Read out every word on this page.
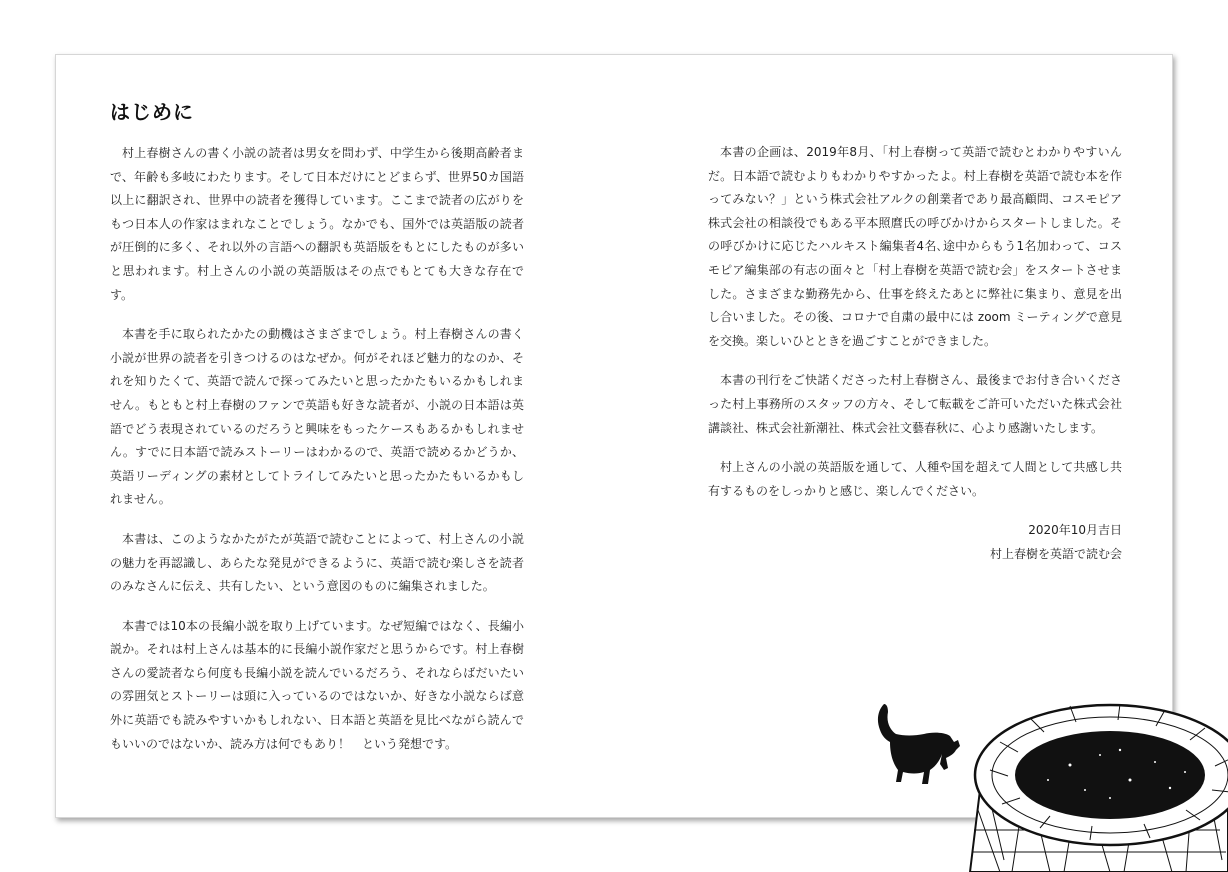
はじめに

村上春樹さんの書く小説の読者は男女を問わず、中学生から後期高齢者まで、年齢も多岐にわたります。そして日本だけにとどまらず、世界50カ国語以上に翻訳され、世界中の読者を獲得しています。ここまで読者の広がりをもつ日本人の作家はまれなことでしょう。なかでも、国外では英語版の読者が圧倒的に多く、それ以外の言語への翻訳も英語版をもとにしたものが多いと思われます。村上さんの小説の英語版はその点でもとても大きな存在です。

本書を手に取られたかたの動機はさまざまでしょう。村上春樹さんの書く小説が世界の読者を引きつけるのはなぜか。何がそれほど魅力的なのか、それを知りたくて、英語で読んで探ってみたいと思ったかたもいるかもしれません。もともと村上春樹のファンで英語も好きな読者が、小説の日本語は英語でどう表現されているのだろうと興味をもったケースもあるかもしれません。すでに日本語で読みストーリーはわかるので、英語で読めるかどうか、英語リーディングの素材としてトライしてみたいと思ったかたもいるかもしれません。

本書は、このようなかたがたが英語で読むことによって、村上さんの小説の魅力を再認識し、あらたな発見ができるように、英語で読む楽しさを読者のみなさんに伝え、共有したい、という意図のものに編集されました。

本書では10本の長編小説を取り上げています。なぜ短編ではなく、長編小説か。それは村上さんは基本的に長編小説作家だと思うからです。村上春樹さんの愛読者なら何度も長編小説を読んでいるだろう、それならばだいたいの雰囲気とストーリーは頭に入っているのではないか、好きな小説ならば意外に英語でも読みやすいかもしれない、日本語と英語を見比べながら読んでもいいのではないか、読み方は何でもあり！　という発想です。

本書の企画は、2019年8月、「村上春樹って英語で読むとわかりやすいんだ。日本語で読むよりもわかりやすかったよ。村上春樹を英語で読む本を作ってみない？」という株式会社アルクの創業者であり最高顧問、コスモピア株式会社の相談役でもある平本照麿氏の呼びかけからスタートしました。その呼びかけに応じたハルキスト編集者4名､途中からもう1名加わって、コスモピア編集部の有志の面々と「村上春樹を英語で読む会」をスタートさせました。さまざまな勤務先から、仕事を終えたあとに弊社に集まり、意見を出し合いました。その後、コロナで自粛の最中には zoom ミーティングで意見を交換。楽しいひとときを過ごすことができました。

本書の刊行をご快諾くださった村上春樹さん、最後までお付き合いくださった村上事務所のスタッフの方々、そして転載をご許可いただいた株式会社講談社、株式会社新潮社、株式会社文藝春秋に、心より感謝いたします。

村上さんの小説の英語版を通して、人種や国を超えて人間として共感し共有するものをしっかりと感じ、楽しんでください。

2020年10月吉日
村上春樹を英語で読む会
